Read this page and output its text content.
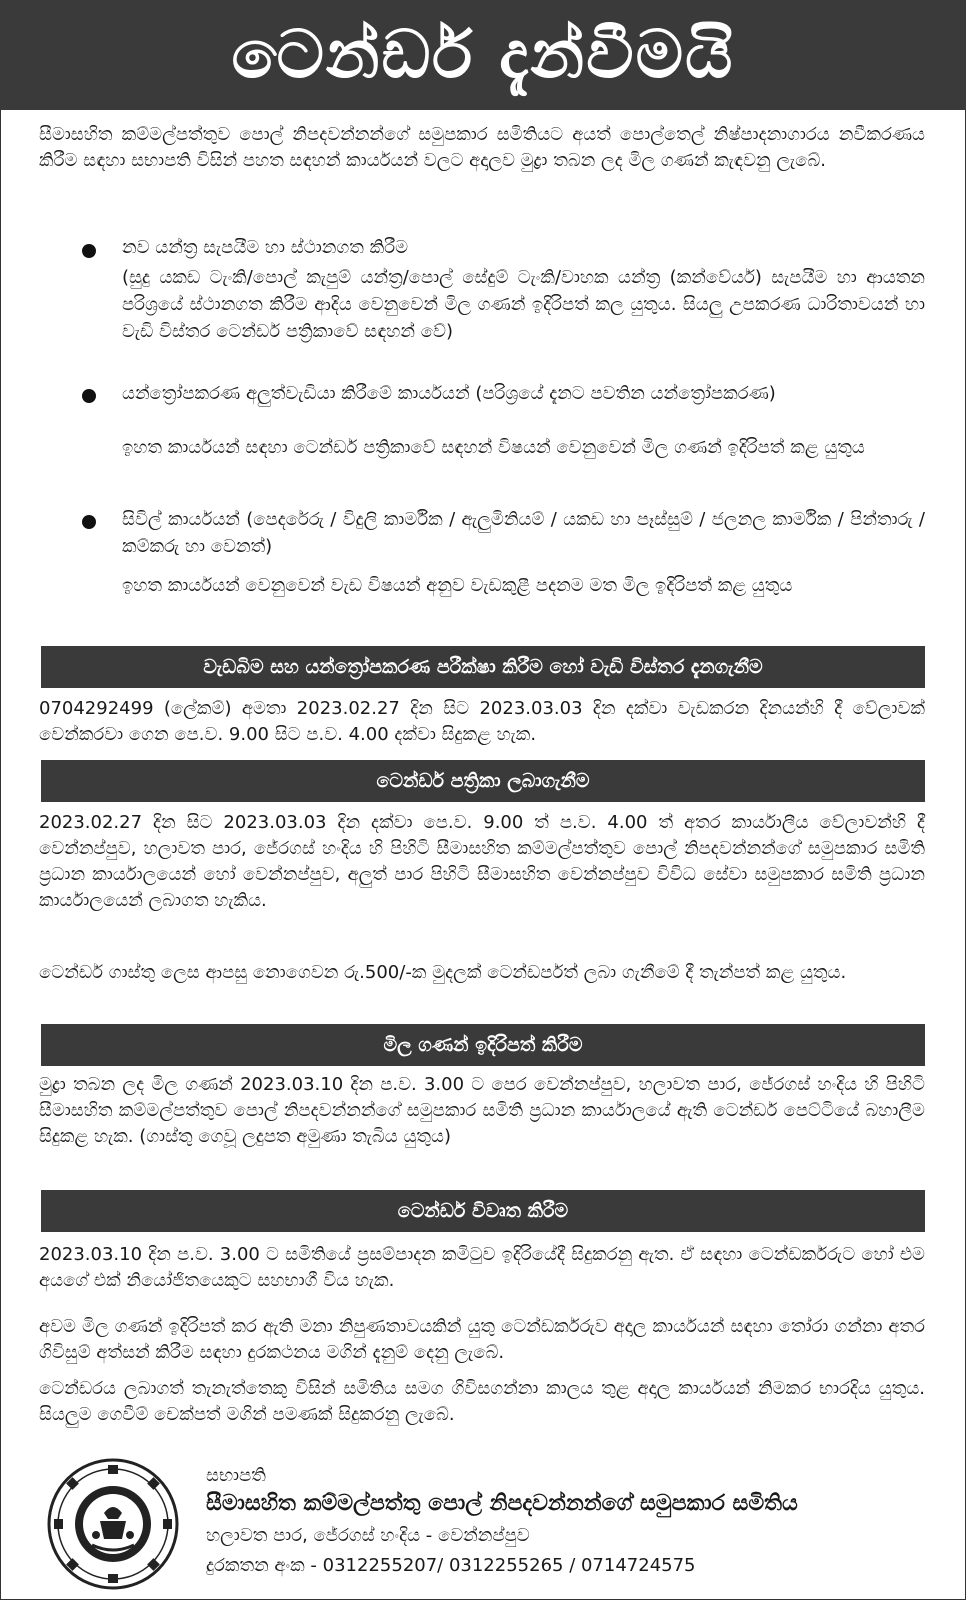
ටෙන්ඩර් දැන්වීමයි

සීමාසහිත කම්මල්පත්තුව පොල් නිපදවන්නන්ගේ සමුපකාර සමිතියට අයත් පොල්තෙල් නිෂ්පාදනාගාරය නවීකරණය කිරීම සඳහා සභාපති විසින් පහත සඳහන් කාර්යයන් වලට අදාලව මුද්‍රා තබන ලද මිල ගණන් කැඳවනු ලැබේ.

නව යන්ත්‍ර සැපයීම හා ස්ථානගත කිරීම

(සුදු යකඩ ටැංකි/පොල් කැපුම් යන්ත්‍ර/පොල් සේදුම් ටැංකි/වාහක යන්ත්‍ර (කන්වේයර්) සැපයීම හා ආයතන පරිශ්‍රයේ ස්ථානගත කිරීම ආදිය වෙනුවෙන් මිල ගණන් ඉදිරිපත් කල යුතුය. සියලු උපකරණ ධාරිතාවයන් හා වැඩි විස්තර ටෙන්ඩර් පත්‍රිකාවේ සඳහන් වේ)

යන්ත්‍රෝපකරණ අලුත්වැඩියා කිරීමේ කාර්යයන් (පරිශ්‍රයේ දැනට පවතින යන්ත්‍රෝපකරණ)

ඉහත කාර්යයන් සඳහා ටෙන්ඩර් පත්‍රිකාවේ සඳහන් විෂයන් වෙනුවෙන් මිල ගණන් ඉදිරිපත් කළ යුතුය

සිවිල් කාර්යයන් (පෙදරේරු / විදුලි කාර්මික / ඇලුමිනියම් / යකඩ හා පෑස්සුම් / ජලනල කාර්මික / පින්තාරු / කම්කරු හා වෙනත්)

ඉහත කාර්යයන් වෙනුවෙන් වැඩ විෂයන් අනුව වැඩකුළී පදනම මත මිල ඉදිරිපත් කළ යුතුය

වැඩබිම සහ යන්ත්‍රෝපකරණ පරීක්ෂා කිරීම හෝ වැඩි විස්තර දැනගැනීම

0704292499 (ලේකම්) අමතා 2023.02.27 දින සිට 2023.03.03 දින දක්වා වැඩකරන දිනයන්හි දී වේලාවක් වෙන්කරවා ගෙන පෙ.ව. 9.00 සිට ප.ව. 4.00 දක්වා සිදුකළ හැක.

ටෙන්ඩර් පත්‍රිකා ලබාගැනීම

2023.02.27 දින සිට 2023.03.03 දින දක්වා පෙ.ව. 9.00 ත් ප.ව. 4.00 ත් අතර කාර්යාලීය වේලාවන්හි දී වෙන්නප්පුව, හලාවත පාර, ජේරගස් හංදිය හි පිහිටි සීමාසහිත කම්මල්පත්තුව පොල් නිපදවන්නන්ගේ සමුපකාර සමිති ප්‍රධාන කාර්යාලයෙන් හෝ වෙන්නප්පුව, අලුත් පාර පිහිටි සීමාසහිත වෙන්නප්පුව විවිධ සේවා සමුපකාර සමිති ප්‍රධාන කාර්යාලයෙන් ලබාගත හැකිය.

ටෙන්ඩර් ගාස්තු ලෙස ආපසු නොගෙවන රු.500/-ක මුදලක් ටෙන්ඩර්පත් ලබා ගැනීමේ දී තැන්පත් කළ යුතුය.

මිල ගණන් ඉදිරිපත් කිරීම

මුද්‍රා තබන ලද මිල ගණන් 2023.03.10 දින ප.ව. 3.00 ට පෙර වෙන්නප්පුව, හලාවත පාර, ජේරගස් හංදිය හි පිහිටි සීමාසහිත කම්මල්පත්තුව පොල් නිපදවන්නන්ගේ සමුපකාර සමිති ප්‍රධාන කාර්යාලයේ ඇති ටෙන්ඩර් පෙට්ටියේ බහාලීම සිදුකළ හැක. (ගාස්තු ගෙවූ ලදුපත අමුණා තැබිය යුතුය)

ටෙන්ඩර් විවෘත කිරීම

2023.03.10 දින ප.ව. 3.00 ට සමිතියේ ප්‍රසම්පාදන කමිටුව ඉදිරියේදී සිදුකරනු ඇත. ඒ සඳහා ටෙන්ඩර්කරුට හෝ එම අයගේ එක් නියෝජිතයෙකුට සහභාගී විය හැක.

අවම මිල ගණන් ඉදිරිපත් කර ඇති මනා නිපුණතාවයකින් යුතු ටෙන්ඩර්කරුව අදාල කාර්යයන් සඳහා තෝරා ගන්නා අතර ගිවිසුම් අත්සන් කිරීම සඳහා දුරකථනය මගින් දැනුම් දෙනු ලැබේ.

ටෙන්ඩරය ලබාගත් තැනැත්තෙකු විසින් සමිතිය සමග ගිවිසගන්නා කාලය තුළ අදාල කාර්යයන් නිමකර භාරදිය යුතුය. සියලුම ගෙවීම් චෙක්පත් මගින් පමණක් සිදුකරනු ලැබේ.

සභාපති

සීමාසහිත කම්මල්පත්තු පොල් නිපදවන්නන්ගේ සමුපකාර සමිතිය

හලාවත පාර, ජේරගස් හංදිය - වෙන්නප්පුව

දුරකතන අංක - 0312255207/ 0312255265 / 0714724575
